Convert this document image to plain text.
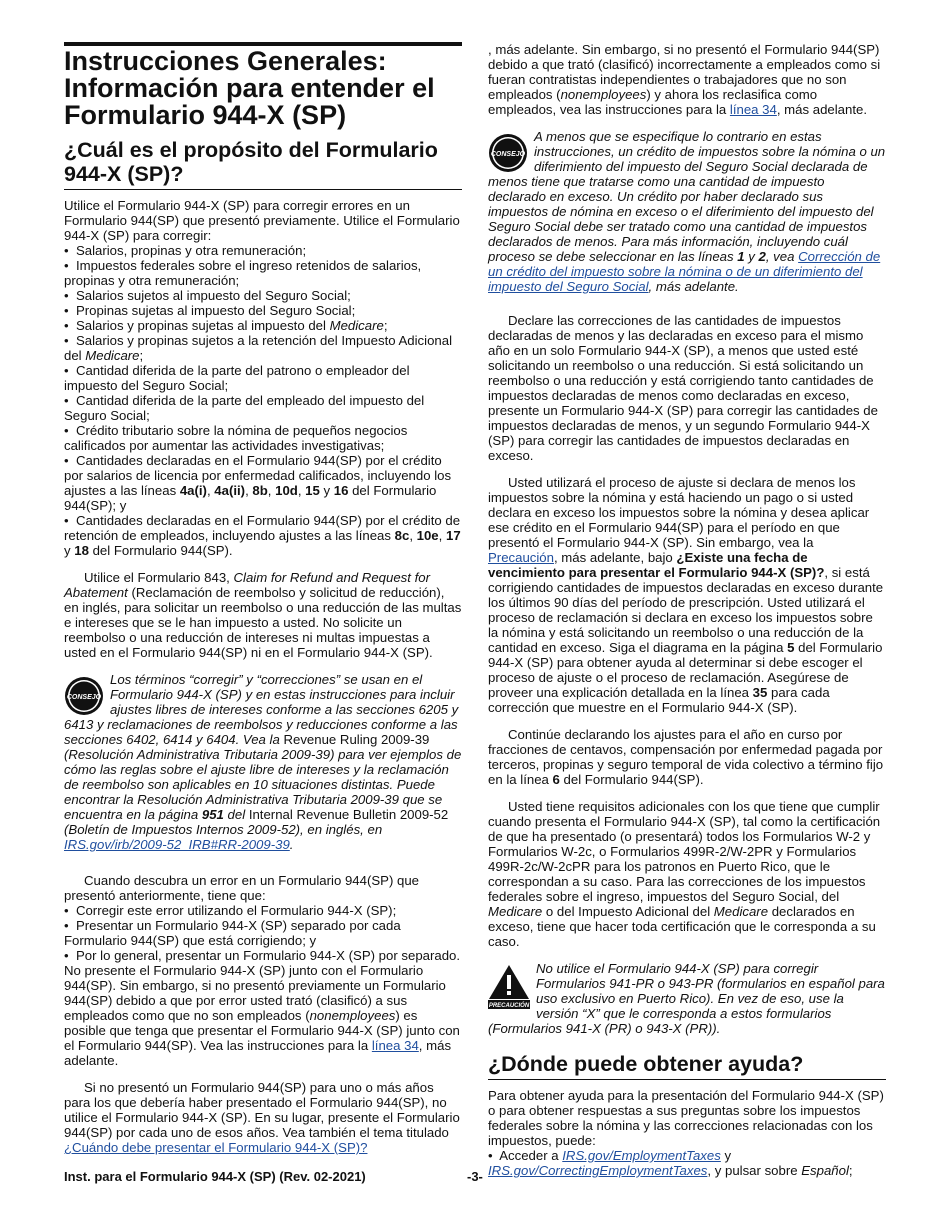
Instrucciones Generales: Información para entender el Formulario 944-X (SP)
¿Cuál es el propósito del Formulario 944-X (SP)?

Utilice el Formulario 944-X (SP) para corregir errores en un Formulario 944(SP) que presentó previamente. Utilice el Formulario 944-X (SP) para corregir:

•  Salarios, propinas y otra remuneración;

•  Impuestos federales sobre el ingreso retenidos de salarios, propinas y otra remuneración;

•  Salarios sujetos al impuesto del Seguro Social;

•  Propinas sujetas al impuesto del Seguro Social;

•  Salarios y propinas sujetas al impuesto del Medicare;

•  Salarios y propinas sujetos a la retención del Impuesto Adicional del Medicare;

•  Cantidad diferida de la parte del patrono o empleador del impuesto del Seguro Social;

•  Cantidad diferida de la parte del empleado del impuesto del Seguro Social;

•  Crédito tributario sobre la nómina de pequeños negocios calificados por aumentar las actividades investigativas;

•  Cantidades declaradas en el Formulario 944(SP) por el crédito por salarios de licencia por enfermedad calificados, incluyendo los ajustes a las líneas 4a(i), 4a(ii), 8b, 10d, 15 y 16 del Formulario 944(SP); y

•  Cantidades declaradas en el Formulario 944(SP) por el crédito de retención de empleados, incluyendo ajustes a las líneas 8c, 10e, 17 y 18 del Formulario 944(SP).

Utilice el Formulario 843, Claim for Refund and Request for Abatement (Reclamación de reembolso y solicitud de reducción), en inglés, para solicitar un reembolso o una reducción de las multas e intereses que se le han impuesto a usted. No solicite un reembolso o una reducción de intereses ni multas impuestas a usted en el Formulario 944(SP) ni en el Formulario 944-X (SP).

CONSEJO
Los términos “corregir” y “correcciones” se usan en el Formulario 944-X (SP) y en estas instrucciones para incluir ajustes libres de intereses conforme a las secciones 6205 y 6413 y reclamaciones de reembolsos y reducciones conforme a las secciones 6402, 6414 y 6404. Vea la Revenue Ruling 2009-39 (Resolución Administrativa Tributaria 2009-39) para ver ejemplos de cómo las reglas sobre el ajuste libre de intereses y la reclamación de reembolso son aplicables en 10 situaciones distintas. Puede encontrar la Resolución Administrativa Tributaria 2009-39 que se encuentra en la página 951 del Internal Revenue Bulletin 2009-52 (Boletín de Impuestos Internos 2009-52), en inglés, en IRS.gov/irb/2009-52_IRB#RR-2009-39.

Cuando descubra un error en un Formulario 944(SP) que presentó anteriormente, tiene que:

•  Corregir este error utilizando el Formulario 944-X (SP);

•  Presentar un Formulario 944-X (SP) separado por cada Formulario 944(SP) que está corrigiendo; y

•  Por lo general, presentar un Formulario 944-X (SP) por separado. No presente el Formulario 944-X (SP) junto con el Formulario 944(SP). Sin embargo, si no presentó previamente un Formulario 944(SP) debido a que por error usted trató (clasificó) a sus empleados como que no son empleados (nonemployees) es posible que tenga que presentar el Formulario 944-X (SP) junto con el Formulario 944(SP). Vea las instrucciones para la línea 34, más adelante.

Si no presentó un Formulario 944(SP) para uno o más años para los que debería haber presentado el Formulario 944(SP), no utilice el Formulario 944-X (SP). En su lugar, presente el Formulario 944(SP) por cada uno de esos años. Vea también el tema titulado ¿Cuándo debe presentar el Formulario 944-X (SP)?

, más adelante. Sin embargo, si no presentó el Formulario 944(SP) debido a que trató (clasificó) incorrectamente a empleados como si fueran contratistas independientes o trabajadores que no son empleados (nonemployees) y ahora los reclasifica como empleados, vea las instrucciones para la línea 34, más adelante.

CONSEJO
A menos que se especifique lo contrario en estas instrucciones, un crédito de impuestos sobre la nómina o un diferimiento del impuesto del Seguro Social declarada de menos tiene que tratarse como una cantidad de impuesto declarado en exceso. Un crédito por haber declarado sus impuestos de nómina en exceso o el diferimiento del impuesto del Seguro Social debe ser tratado como una cantidad de impuestos declarados de menos. Para más información, incluyendo cuál proceso se debe seleccionar en las líneas 1 y 2, vea Corrección de un crédito del impuesto sobre la nómina o de un diferimiento del impuesto del Seguro Social, más adelante.

Declare las correcciones de las cantidades de impuestos declaradas de menos y las declaradas en exceso para el mismo año en un solo Formulario 944-X (SP), a menos que usted esté solicitando un reembolso o una reducción. Si está solicitando un reembolso o una reducción y está corrigiendo tanto cantidades de impuestos declaradas de menos como declaradas en exceso, presente un Formulario 944-X (SP) para corregir las cantidades de impuestos declaradas de menos, y un segundo Formulario 944-X (SP) para corregir las cantidades de impuestos declaradas en exceso.

Usted utilizará el proceso de ajuste si declara de menos los impuestos sobre la nómina y está haciendo un pago o si usted declara en exceso los impuestos sobre la nómina y desea aplicar ese crédito en el Formulario 944(SP) para el período en que presentó el Formulario 944-X (SP). Sin embargo, vea la Precaución, más adelante, bajo ¿Existe una fecha de vencimiento para presentar el Formulario 944-X (SP)?, si está corrigiendo cantidades de impuestos declaradas en exceso durante los últimos 90 días del período de prescripción. Usted utilizará el proceso de reclamación si declara en exceso los impuestos sobre la nómina y está solicitando un reembolso o una reducción de la cantidad en exceso. Siga el diagrama en la página 5 del Formulario 944-X (SP) para obtener ayuda al determinar si debe escoger el proceso de ajuste o el proceso de reclamación. Asegúrese de proveer una explicación detallada en la línea 35 para cada corrección que muestre en el Formulario 944-X (SP).

Continúe declarando los ajustes para el año en curso por fracciones de centavos, compensación por enfermedad pagada por terceros, propinas y seguro temporal de vida colectivo a término fijo en la línea 6 del Formulario 944(SP).

Usted tiene requisitos adicionales con los que tiene que cumplir cuando presenta el Formulario 944-X (SP), tal como la certificación de que ha presentado (o presentará) todos los Formularios W-2 y Formularios W-2c, o Formularios 499R-2/W-2PR y Formularios 499R-2c/W-2cPR para los patronos en Puerto Rico, que le correspondan a su caso. Para las correcciones de los impuestos federales sobre el ingreso, impuestos del Seguro Social, del Medicare o del Impuesto Adicional del Medicare declarados en exceso, tiene que hacer toda certificación que le corresponda a su caso.

PRECAUCIÓN
No utilice el Formulario 944-X (SP) para corregir Formularios 941-PR o 943-PR (formularios en español para uso exclusivo en Puerto Rico). En vez de eso, use la versión “X” que le corresponda a estos formularios (Formularios 941-X (PR) o 943-X (PR)).
¿Dónde puede obtener ayuda?

Para obtener ayuda para la presentación del Formulario 944-X (SP) o para obtener respuestas a sus preguntas sobre los impuestos federales sobre la nómina y las correcciones relacionadas con los impuestos, puede:

•  Acceder a IRS.gov/EmploymentTaxes y IRS.gov/CorrectingEmploymentTaxes, y pulsar sobre Español;

Inst. para el Formulario 944-X (SP) (Rev. 02-2021)	-3-
